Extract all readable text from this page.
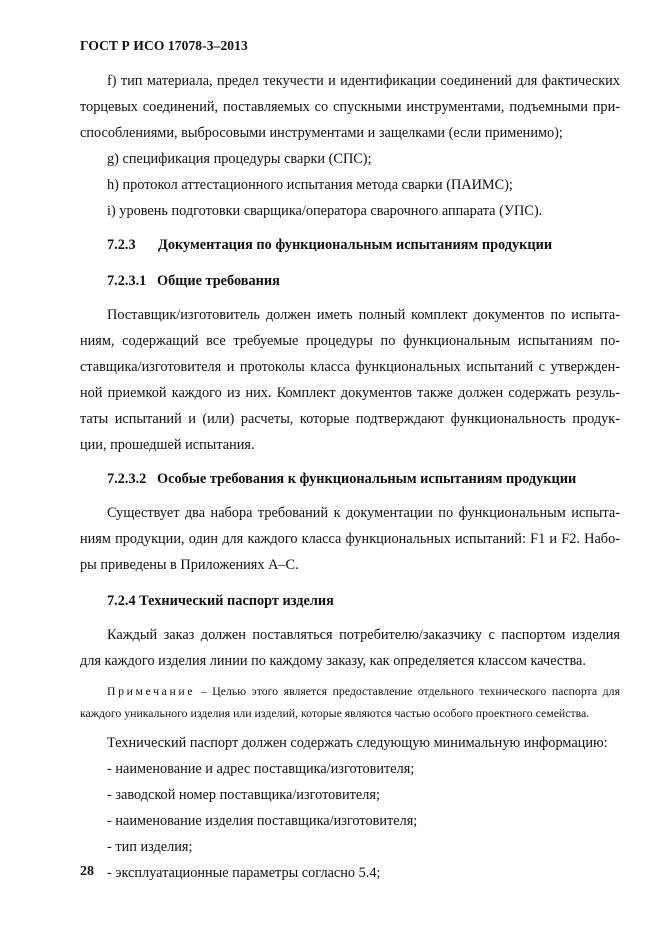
ГОСТ Р ИСО 17078-3–2013
f) тип материала, предел текучести и идентификации соединений для фактических
торцевых соединений, поставляемых со спускными инструментами, подъемными при-
способлениями, выбросовыми инструментами и защелками (если применимо);
g) спецификация процедуры сварки (СПС);
h) протокол аттестационного испытания метода сварки (ПАИМС);
i) уровень подготовки сварщика/оператора сварочного аппарата (УПС).
7.2.3 Документация по функциональным испытаниям продукции
7.2.3.1 Общие требования
Поставщик/изготовитель должен иметь полный комплект документов по испыта-
ниям, содержащий все требуемые процедуры по функциональным испытаниям по-
ставщика/изготовителя и протоколы класса функциональных испытаний с утвержден-
ной приемкой каждого из них. Комплект документов также должен содержать резуль-
таты испытаний и (или) расчеты, которые подтверждают функциональность продук-
ции, прошедшей испытания.
7.2.3.2 Особые требования к функциональным испытаниям продукции
Существует два набора требований к документации по функциональным испыта-
ниям продукции, один для каждого класса функциональных испытаний: F1 и F2. Набо-
ры приведены в Приложениях А–С.
7.2.4 Технический паспорт изделия
Каждый заказ должен поставляться потребителю/заказчику с паспортом изделия
для каждого изделия линии по каждому заказу, как определяется классом качества.
Примечание – Целью этого является предоставление отдельного технического паспорта для
каждого уникального изделия или изделий, которые являются частью особого проектного семейства.
Технический паспорт должен содержать следующую минимальную информацию:
- наименование и адрес поставщика/изготовителя;
- заводской номер поставщика/изготовителя;
- наименование изделия поставщика/изготовителя;
- тип изделия;
- эксплуатационные параметры согласно 5.4;
28
